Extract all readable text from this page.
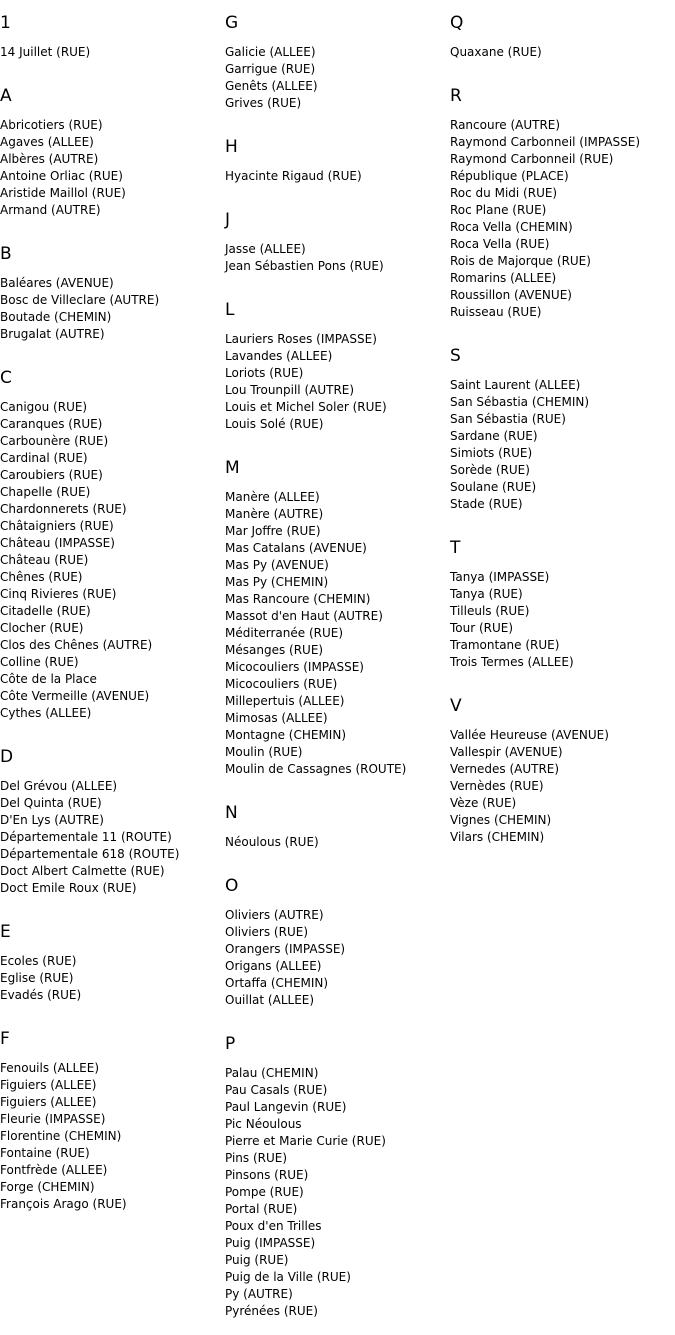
1
14 Juillet (RUE)
A
Abricotiers (RUE)
Agaves (ALLEE)
Albères (AUTRE)
Antoine Orliac (RUE)
Aristide Maillol (RUE)
Armand (AUTRE)
B
Baléares (AVENUE)
Bosc de Villeclare (AUTRE)
Boutade (CHEMIN)
Brugalat (AUTRE)
C
Canigou (RUE)
Caranques (RUE)
Carbounère (RUE)
Cardinal (RUE)
Caroubiers (RUE)
Chapelle (RUE)
Chardonnerets (RUE)
Châtaigniers (RUE)
Château (IMPASSE)
Château (RUE)
Chênes (RUE)
Cinq Rivieres (RUE)
Citadelle (RUE)
Clocher (RUE)
Clos des Chênes (AUTRE)
Colline (RUE)
Côte de la Place
Côte Vermeille (AVENUE)
Cythes (ALLEE)
D
Del Grévou (ALLEE)
Del Quinta (RUE)
D'En Lys (AUTRE)
Départementale 11 (ROUTE)
Départementale 618 (ROUTE)
Doct Albert Calmette (RUE)
Doct Emile Roux (RUE)
E
Ecoles (RUE)
Eglise (RUE)
Evadés (RUE)
F
Fenouils (ALLEE)
Figuiers (ALLEE)
Figuiers (ALLEE)
Fleurie (IMPASSE)
Florentine (CHEMIN)
Fontaine (RUE)
Fontfrède (ALLEE)
Forge (CHEMIN)
François Arago (RUE)
G
Galicie (ALLEE)
Garrigue (RUE)
Genêts (ALLEE)
Grives (RUE)
H
Hyacinte Rigaud (RUE)
J
Jasse (ALLEE)
Jean Sébastien Pons (RUE)
L
Lauriers Roses (IMPASSE)
Lavandes (ALLEE)
Loriots (RUE)
Lou Trounpill (AUTRE)
Louis et Michel Soler (RUE)
Louis Solé (RUE)
M
Manère (ALLEE)
Manère (AUTRE)
Mar Joffre (RUE)
Mas Catalans (AVENUE)
Mas Py (AVENUE)
Mas Py (CHEMIN)
Mas Rancoure (CHEMIN)
Massot d'en Haut (AUTRE)
Méditerranée (RUE)
Mésanges (RUE)
Micocouliers (IMPASSE)
Micocouliers (RUE)
Millepertuis (ALLEE)
Mimosas (ALLEE)
Montagne (CHEMIN)
Moulin (RUE)
Moulin de Cassagnes (ROUTE)
N
Néoulous (RUE)
O
Oliviers (AUTRE)
Oliviers (RUE)
Orangers (IMPASSE)
Origans (ALLEE)
Ortaffa (CHEMIN)
Ouillat (ALLEE)
P
Palau (CHEMIN)
Pau Casals (RUE)
Paul Langevin (RUE)
Pic Néoulous
Pierre et Marie Curie (RUE)
Pins (RUE)
Pinsons (RUE)
Pompe (RUE)
Portal (RUE)
Poux d'en Trilles
Puig (IMPASSE)
Puig (RUE)
Puig de la Ville (RUE)
Py (AUTRE)
Pyrénées (RUE)
Q
Quaxane (RUE)
R
Rancoure (AUTRE)
Raymond Carbonneil (IMPASSE)
Raymond Carbonneil (RUE)
République (PLACE)
Roc du Midi (RUE)
Roc Plane (RUE)
Roca Vella (CHEMIN)
Roca Vella (RUE)
Rois de Majorque (RUE)
Romarins (ALLEE)
Roussillon (AVENUE)
Ruisseau (RUE)
S
Saint Laurent (ALLEE)
San Sébastia (CHEMIN)
San Sébastia (RUE)
Sardane (RUE)
Simiots (RUE)
Sorède (RUE)
Soulane (RUE)
Stade (RUE)
T
Tanya (IMPASSE)
Tanya (RUE)
Tilleuls (RUE)
Tour (RUE)
Tramontane (RUE)
Trois Termes (ALLEE)
V
Vallée Heureuse (AVENUE)
Vallespir (AVENUE)
Vernedes (AUTRE)
Vernèdes (RUE)
Vèze (RUE)
Vignes (CHEMIN)
Vilars (CHEMIN)
